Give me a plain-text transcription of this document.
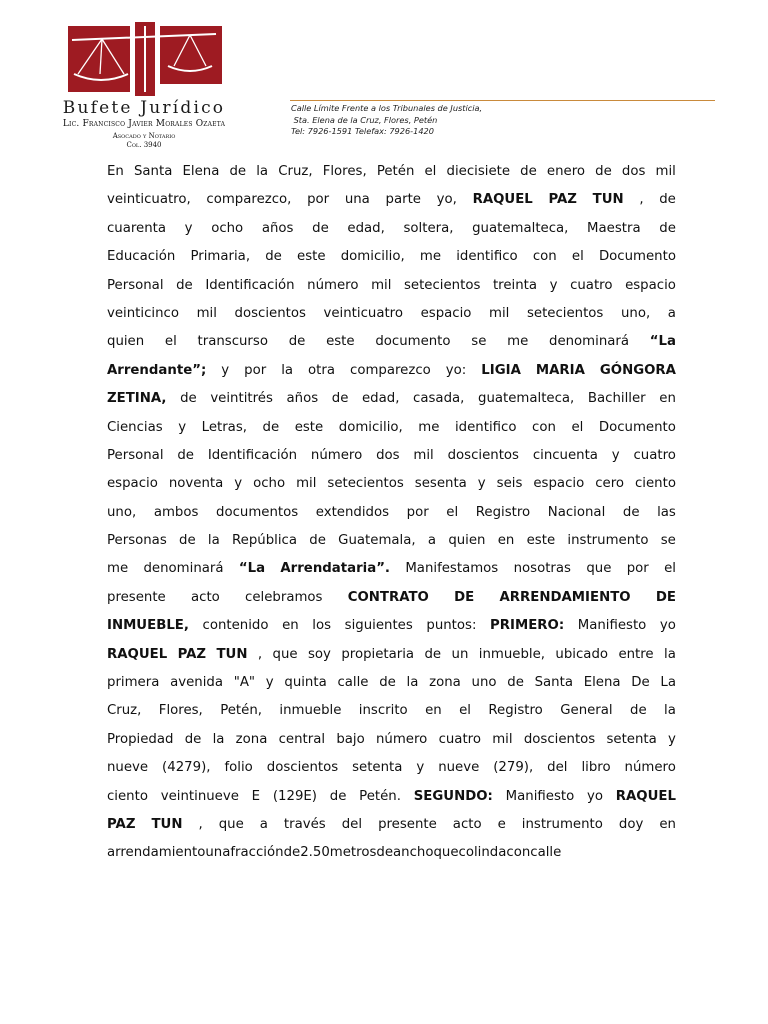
Bufete Jurídico
Lic. Francisco Javier Morales Ozaeta
Asocado y Notario
Col. 3940
Calle Límite Frente a los Tribunales de Justicia,
Sta. Elena de la Cruz, Flores, Petén
Tel: 7926-1591 Telefax: 7926-1420
En Santa Elena de la Cruz, Flores, Petén el diecisiete de enero de dos mil
veinticuatro, comparezco, por una parte yo, RAQUEL PAZ TUN , de
cuarenta y ocho años de edad, soltera, guatemalteca, Maestra de
Educación Primaria, de este domicilio, me identifico con el Documento
Personal de Identificación número mil setecientos treinta y cuatro espacio
veinticinco mil doscientos veinticuatro espacio mil setecientos uno, a
quien el transcurso de este documento se me denominará “La
Arrendante”; y por la otra comparezco yo: LIGIA MARIA GÓNGORA
ZETINA, de veintitrés años de edad, casada, guatemalteca, Bachiller en
Ciencias y Letras, de este domicilio, me identifico con el Documento
Personal de Identificación número dos mil doscientos cincuenta y cuatro
espacio noventa y ocho mil setecientos sesenta y seis espacio cero ciento
uno, ambos documentos extendidos por el Registro Nacional de las
Personas de la República de Guatemala, a quien en este instrumento se
me denominará “La Arrendataria”. Manifestamos nosotras que por el
presente acto celebramos CONTRATO DE ARRENDAMIENTO DE
INMUEBLE, contenido en los siguientes puntos: PRIMERO: Manifiesto yo
RAQUEL PAZ TUN , que soy propietaria de un inmueble, ubicado entre la
primera avenida "A" y quinta calle de la zona uno de Santa Elena De La
Cruz, Flores, Petén, inmueble inscrito en el Registro General de la
Propiedad de la zona central bajo número cuatro mil doscientos setenta y
nueve (4279), folio doscientos setenta y nueve (279), del libro número
ciento veintinueve E (129E) de Petén. SEGUNDO: Manifiesto yo RAQUEL
PAZ TUN , que a través del presente acto e instrumento doy en
arrendamiento una fracción de 2.50 metros de ancho que colinda con calle
